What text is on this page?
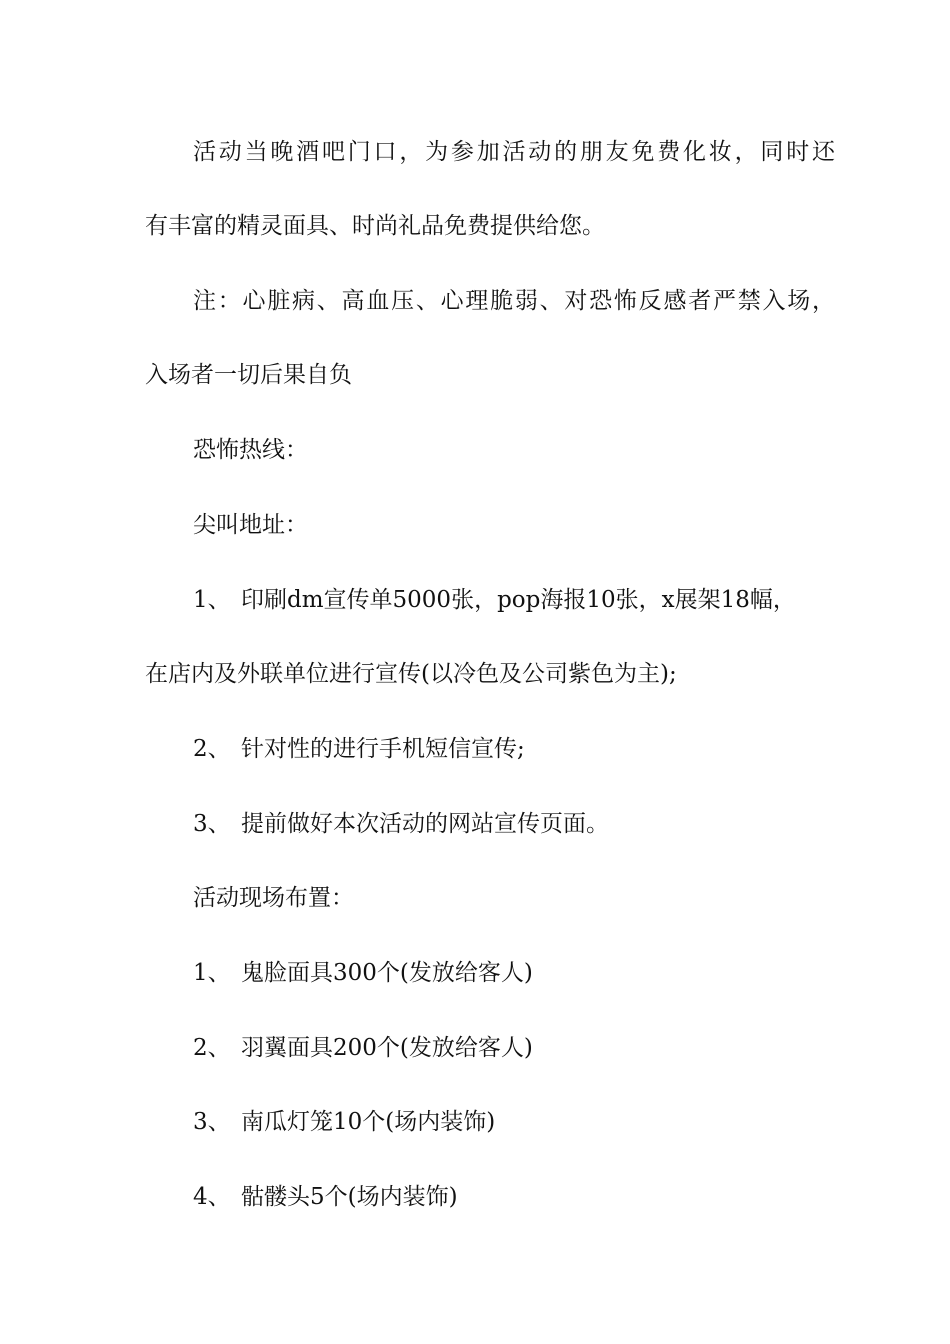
活动当晚酒吧门口，为参加活动的朋友免费化妆，同时还
有丰富的精灵面具、时尚礼品免费提供给您。
注：心脏病、高血压、心理脆弱、对恐怖反感者严禁入场，
入场者一切后果自负
恐怖热线：
尖叫地址：
1、 印刷dm宣传单5000张，pop海报10张，x展架18幅，
在店内及外联单位进行宣传(以冷色及公司紫色为主);
2、 针对性的进行手机短信宣传;
3、 提前做好本次活动的网站宣传页面。
活动现场布置：
1、 鬼脸面具300个(发放给客人)
2、 羽翼面具200个(发放给客人)
3、 南瓜灯笼10个(场内装饰)
4、 骷髅头5个(场内装饰)
